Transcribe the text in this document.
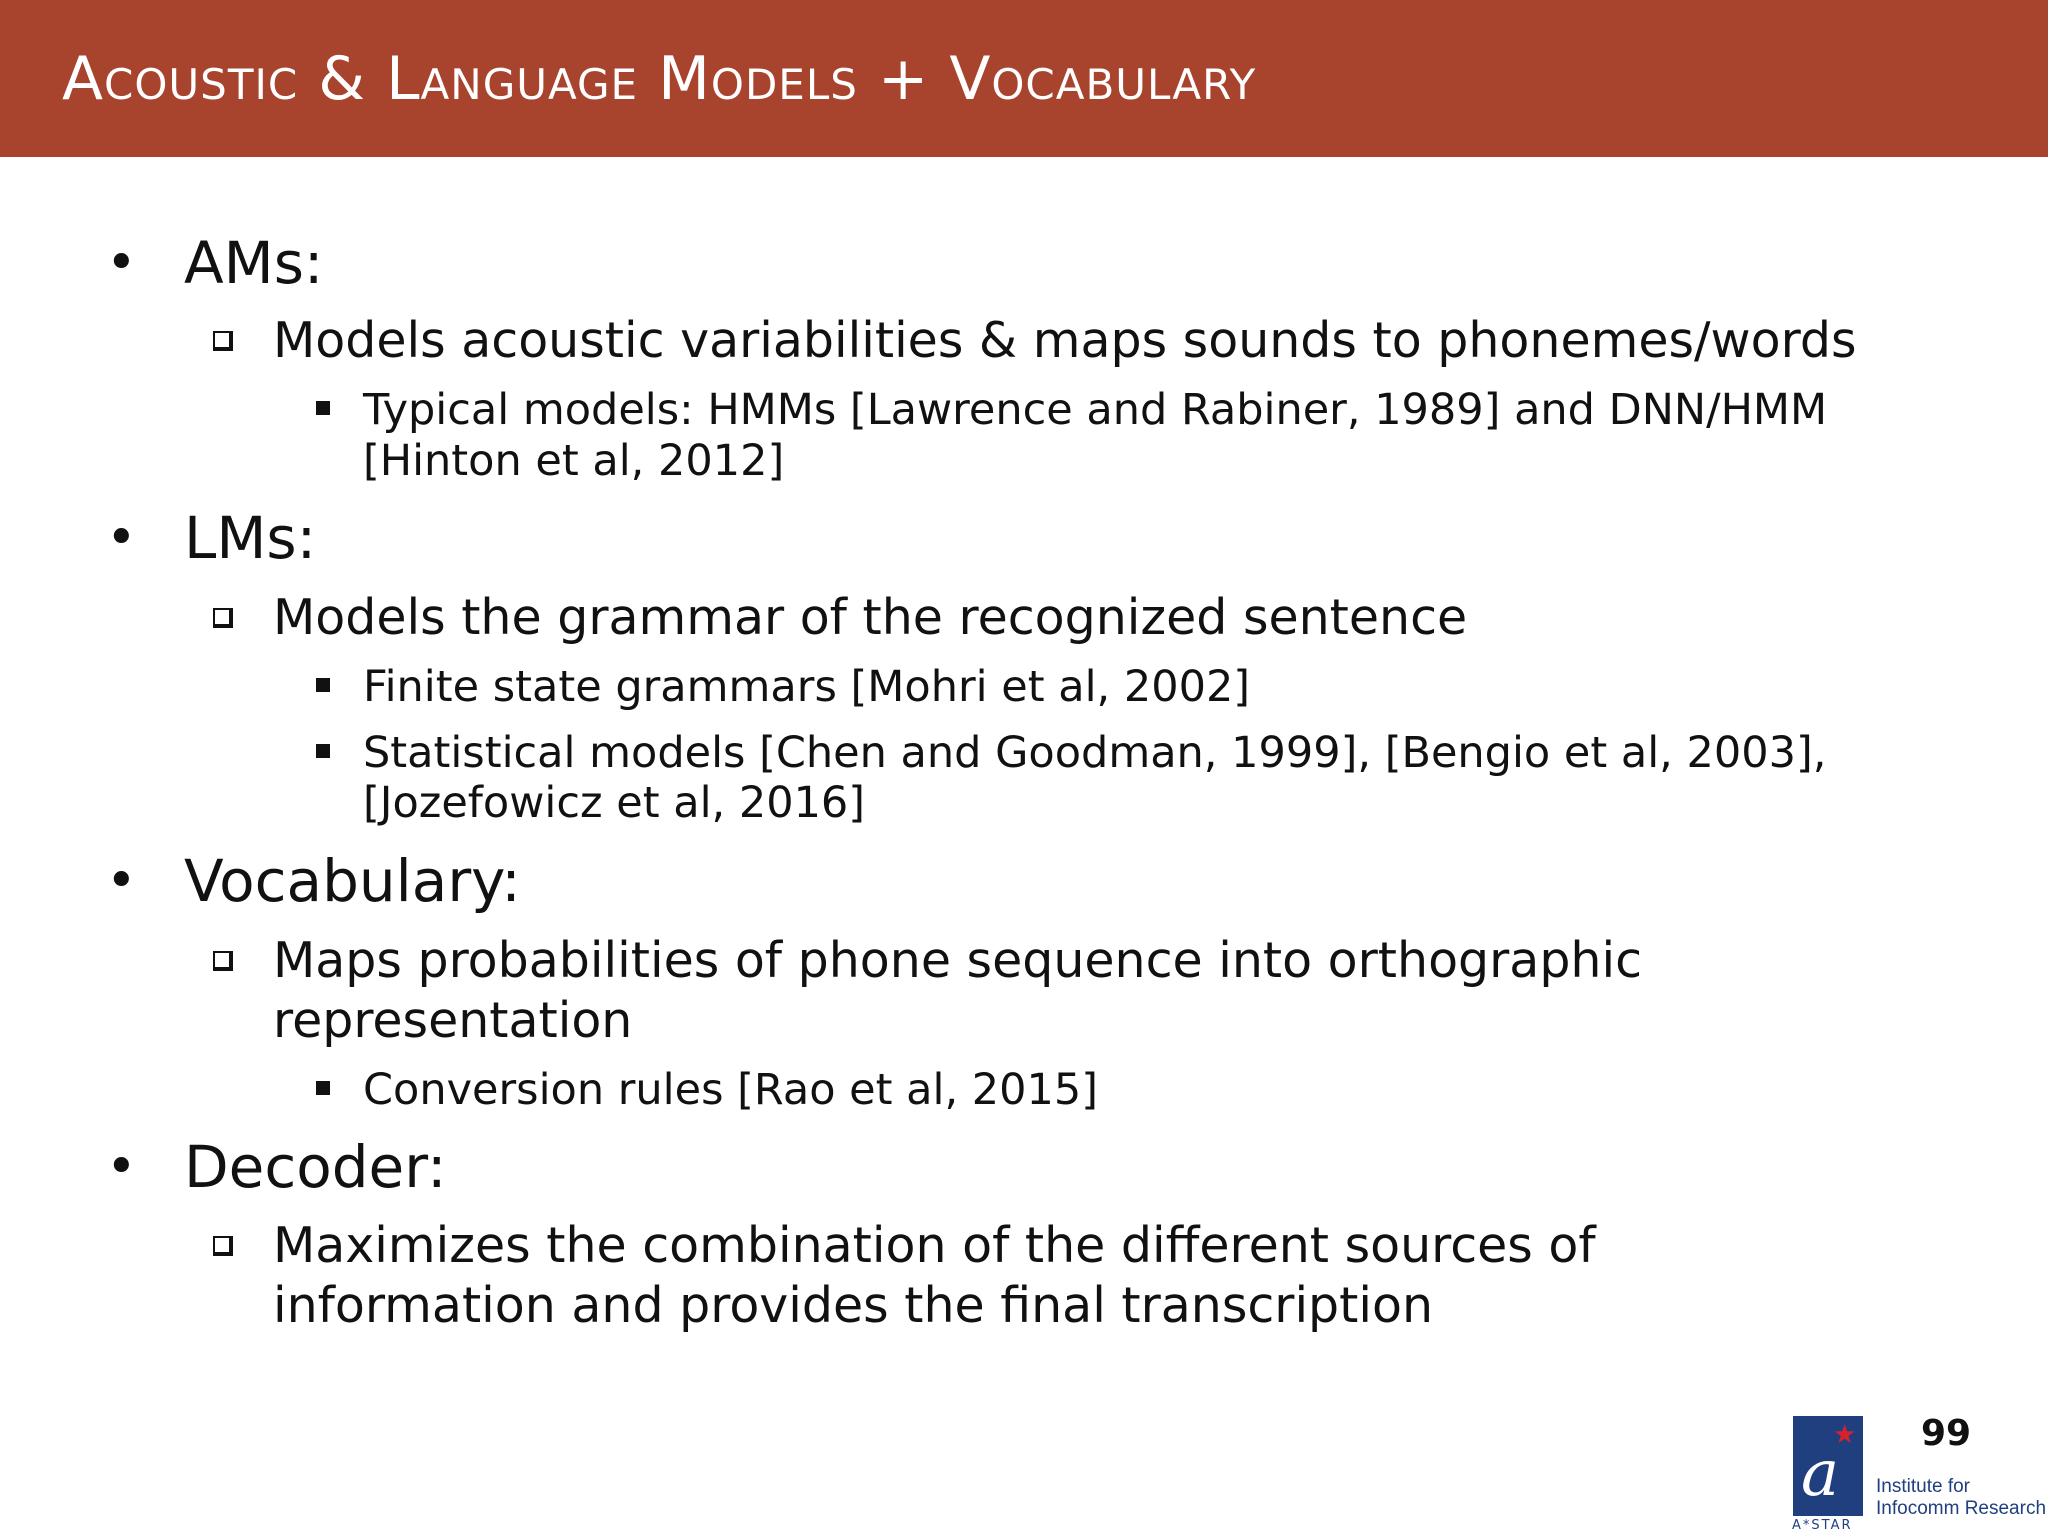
Acoustic & Language Models + Vocabulary
• AMs:
Models acoustic variabilities & maps sounds to phonemes/words
Typical models: HMMs [Lawrence and Rabiner, 1989] and DNN/HMM
[Hinton et al, 2012]
• LMs:
Models the grammar of the recognized sentence
Finite state grammars [Mohri et al, 2002]
Statistical models [Chen and Goodman, 1999], [Bengio et al, 2003],
[Jozefowicz et al, 2016]
• Vocabulary:
Maps probabilities of phone sequence into orthographic
representation
Conversion rules [Rao et al, 2015]
• Decoder:
Maximizes the combination of the different sources of
information and provides the final transcription
99
★
a
A*STAR
Institute for
Infocomm Research
